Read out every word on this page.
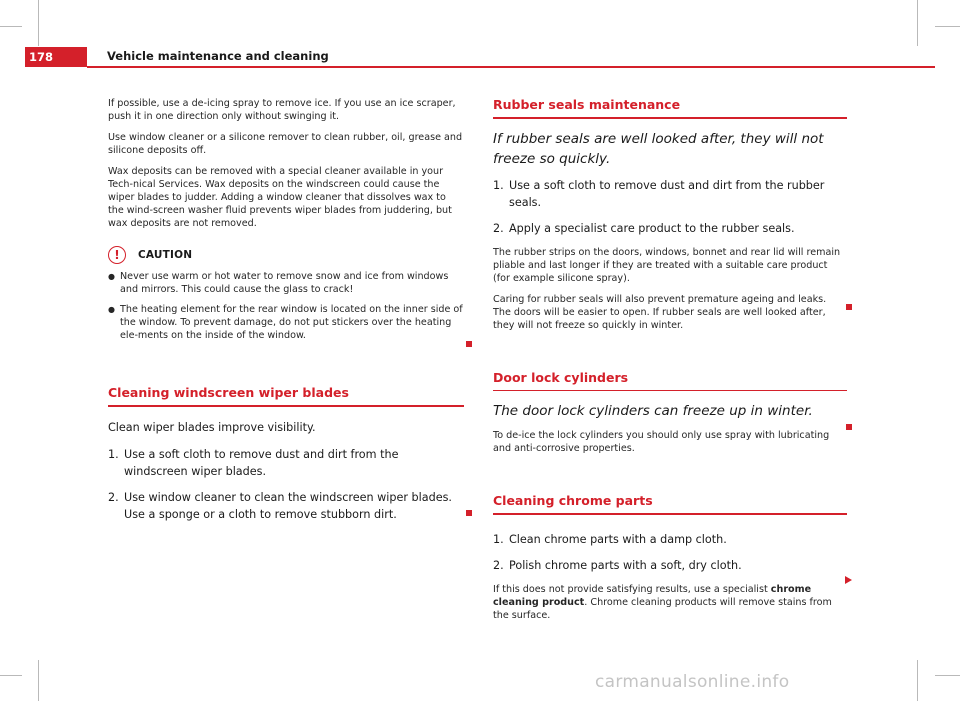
178	Vehicle maintenance and cleaning

If possible, use a de-icing spray to remove ice. If you use an ice scraper, push it in one direction only without swinging it.

Use window cleaner or a silicone remover to clean rubber, oil, grease and silicone deposits off.

Wax deposits can be removed with a special cleaner available in your Tech-nical Services. Wax deposits on the windscreen could cause the wiper blades to judder. Adding a window cleaner that dissolves wax to the wind-screen washer fluid prevents wiper blades from juddering, but wax deposits are not removed.

!	CAUTION
● Never use warm or hot water to remove snow and ice from windows and mirrors. This could cause the glass to crack!
● The heating element for the rear window is located on the inner side of the window. To prevent damage, do not put stickers over the heating ele-ments on the inside of the window.
Cleaning windscreen wiper blades

Clean wiper blades improve visibility.

1. Use a soft cloth to remove dust and dirt from the windscreen wiper blades.
2. Use window cleaner to clean the windscreen wiper blades. Use a sponge or a cloth to remove stubborn dirt.
Rubber seals maintenance

If rubber seals are well looked after, they will not freeze so quickly.

1. Use a soft cloth to remove dust and dirt from the rubber seals.
2. Apply a specialist care product to the rubber seals.

The rubber strips on the doors, windows, bonnet and rear lid will remain pliable and last longer if they are treated with a suitable care product (for example silicone spray).

Caring for rubber seals will also prevent premature ageing and leaks. The doors will be easier to open. If rubber seals are well looked after, they will not freeze so quickly in winter.

Door lock cylinders

The door lock cylinders can freeze up in winter.

To de-ice the lock cylinders you should only use spray with lubricating and anti-corrosive properties.

Cleaning chrome parts
1. Clean chrome parts with a damp cloth.
2. Polish chrome parts with a soft, dry cloth.

If this does not provide satisfying results, use a specialist chrome cleaning product. Chrome cleaning products will remove stains from the surface.

carmanualsonline.info
